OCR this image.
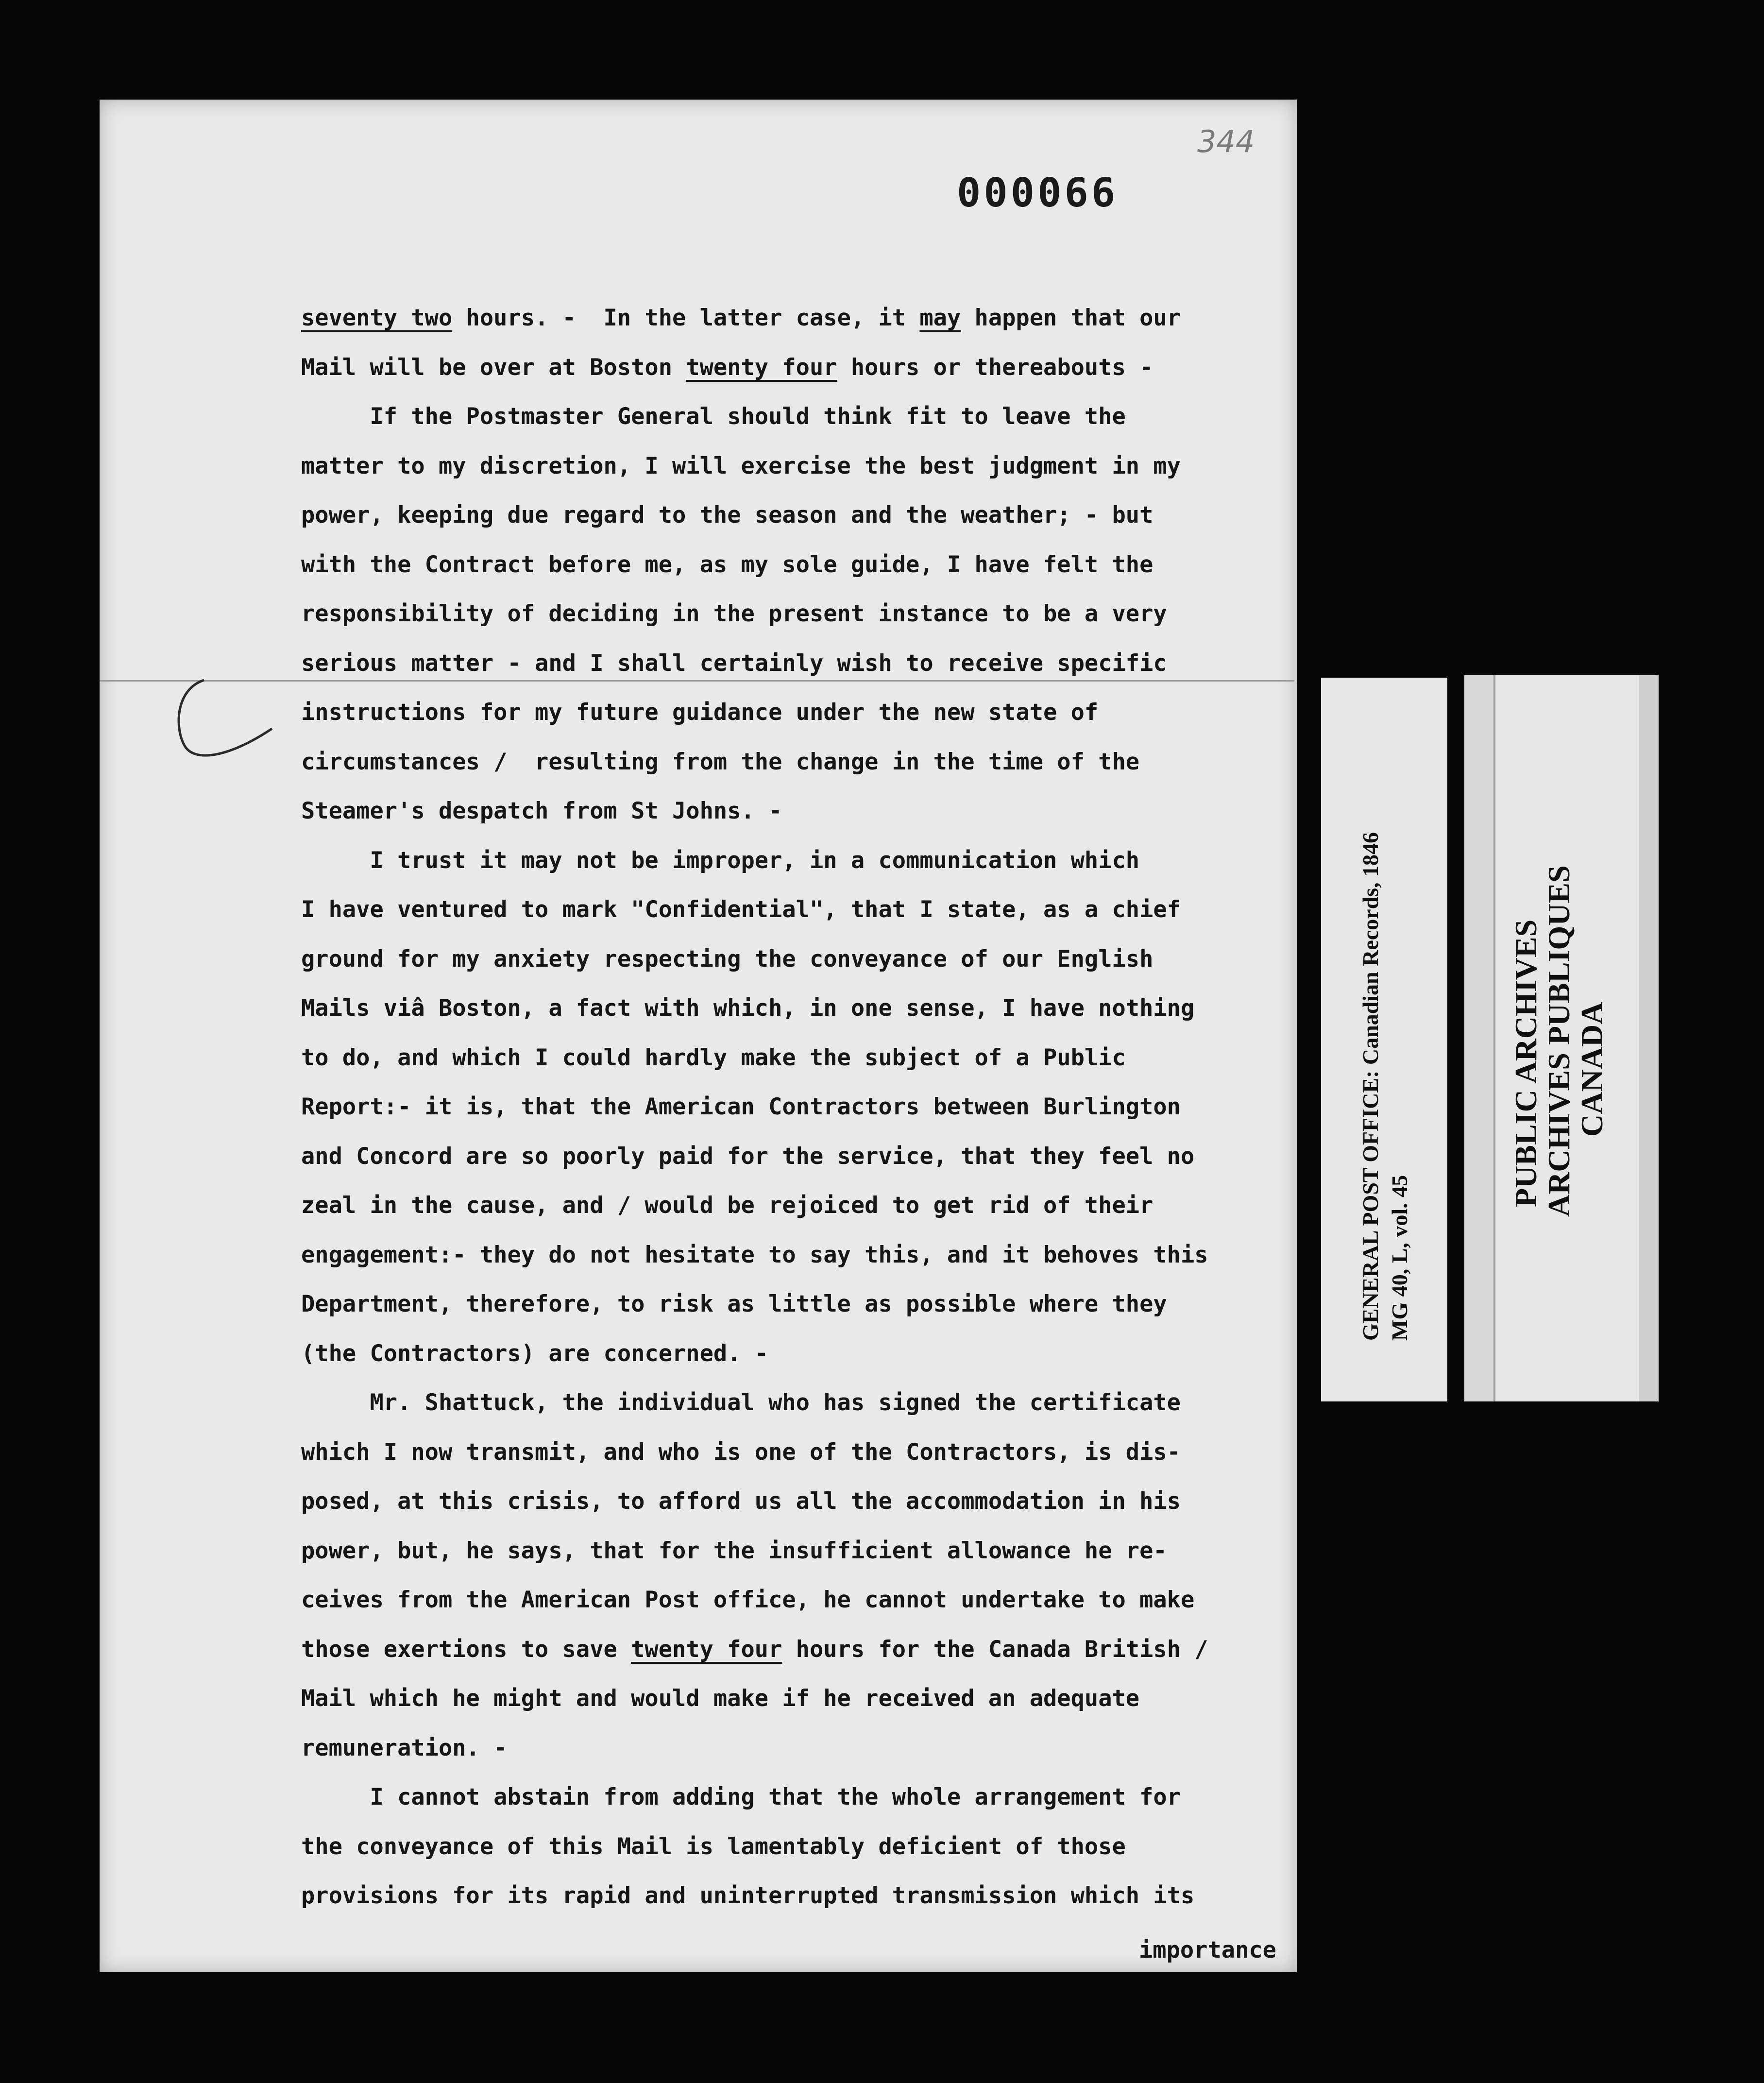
344
000066
seventy two hours. -  In the latter case, it may happen that our
Mail will be over at Boston twenty four hours or thereabouts -
If the Postmaster General should think fit to leave the
matter to my discretion, I will exercise the best judgment in my
power, keeping due regard to the season and the weather; - but
with the Contract before me, as my sole guide, I have felt the
responsibility of deciding in the present instance to be a very
serious matter - and I shall certainly wish to receive specific
instructions for my future guidance under the new state of
circumstances /  resulting from the change in the time of the
Steamer's despatch from St Johns. -
I trust it may not be improper, in a communication which
I have ventured to mark "Confidential", that I state, as a chief
ground for my anxiety respecting the conveyance of our English
Mails viâ Boston, a fact with which, in one sense, I have nothing
to do, and which I could hardly make the subject of a Public
Report:- it is, that the American Contractors between Burlington
and Concord are so poorly paid for the service, that they feel no
zeal in the cause, and / would be rejoiced to get rid of their
engagement:- they do not hesitate to say this, and it behoves this
Department, therefore, to risk as little as possible where they
(the Contractors) are concerned. -
Mr. Shattuck, the individual who has signed the certificate
which I now transmit, and who is one of the Contractors, is dis-
posed, at this crisis, to afford us all the accommodation in his
power, but, he says, that for the insufficient allowance he re-
ceives from the American Post office, he cannot undertake to make
those exertions to save twenty four hours for the Canada British /
Mail which he might and would make if he received an adequate
remuneration. -
I cannot abstain from adding that the whole arrangement for
the conveyance of this Mail is lamentably deficient of those
provisions for its rapid and uninterrupted transmission which its
importance
GENERAL POST OFFICE: Canadian Records, 1846 MG 40, L, vol. 45
PUBLIC ARCHIVES
ARCHIVES PUBLIQUES
CANADA
